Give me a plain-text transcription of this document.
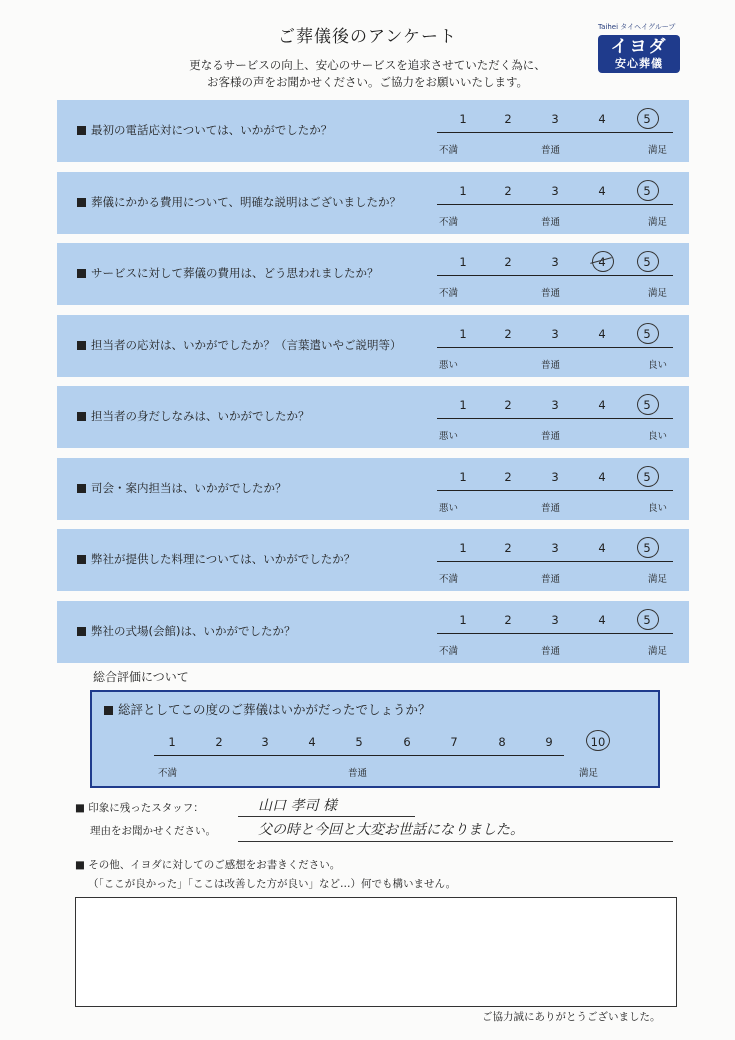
ご葬儀後のアンケート
更なるサービスの向上、安心のサービスを追求させていただく為に、
お客様の声をお聞かせください。ご協力をお願いいたします。
Taihei タイヘイグループ
イヨダ
安心葬儀
最初の電話応対については、いかがでしたか？
1	2	3	4	5
不満	普通	満足
葬儀にかかる費用について、明確な説明はございましたか？
1	2	3	4	5
不満	普通	満足
サービスに対して葬儀の費用は、どう思われましたか？
1	2	3	4	5
不満	普通	満足
担当者の応対は、いかがでしたか？（言葉遣いやご説明等）
1	2	3	4	5
悪い	普通	良い
担当者の身だしなみは、いかがでしたか？
1	2	3	4	5
悪い	普通	良い
司会・案内担当は、いかがでしたか？
1	2	3	4	5
悪い	普通	良い
弊社が提供した料理については、いかがでしたか？
1	2	3	4	5
不満	普通	満足
弊社の式場(会館)は、いかがでしたか？
1	2	3	4	5
不満	普通	満足
総合評価について
総評としてこの度のご葬儀はいかがだったでしょうか？
不満	普通	満足
1	2	3	4	5	6	7	8	9	10
■ 印象に残ったスタッフ：	山口 孝司 様
理由をお聞かせください。	父の時と今回と大変お世話になりました。
■ その他、イヨダに対してのご感想をお書きください。
（「ここが良かった」「ここは改善した方が良い」など…）何でも構いません。
ご協力誠にありがとうございました。
